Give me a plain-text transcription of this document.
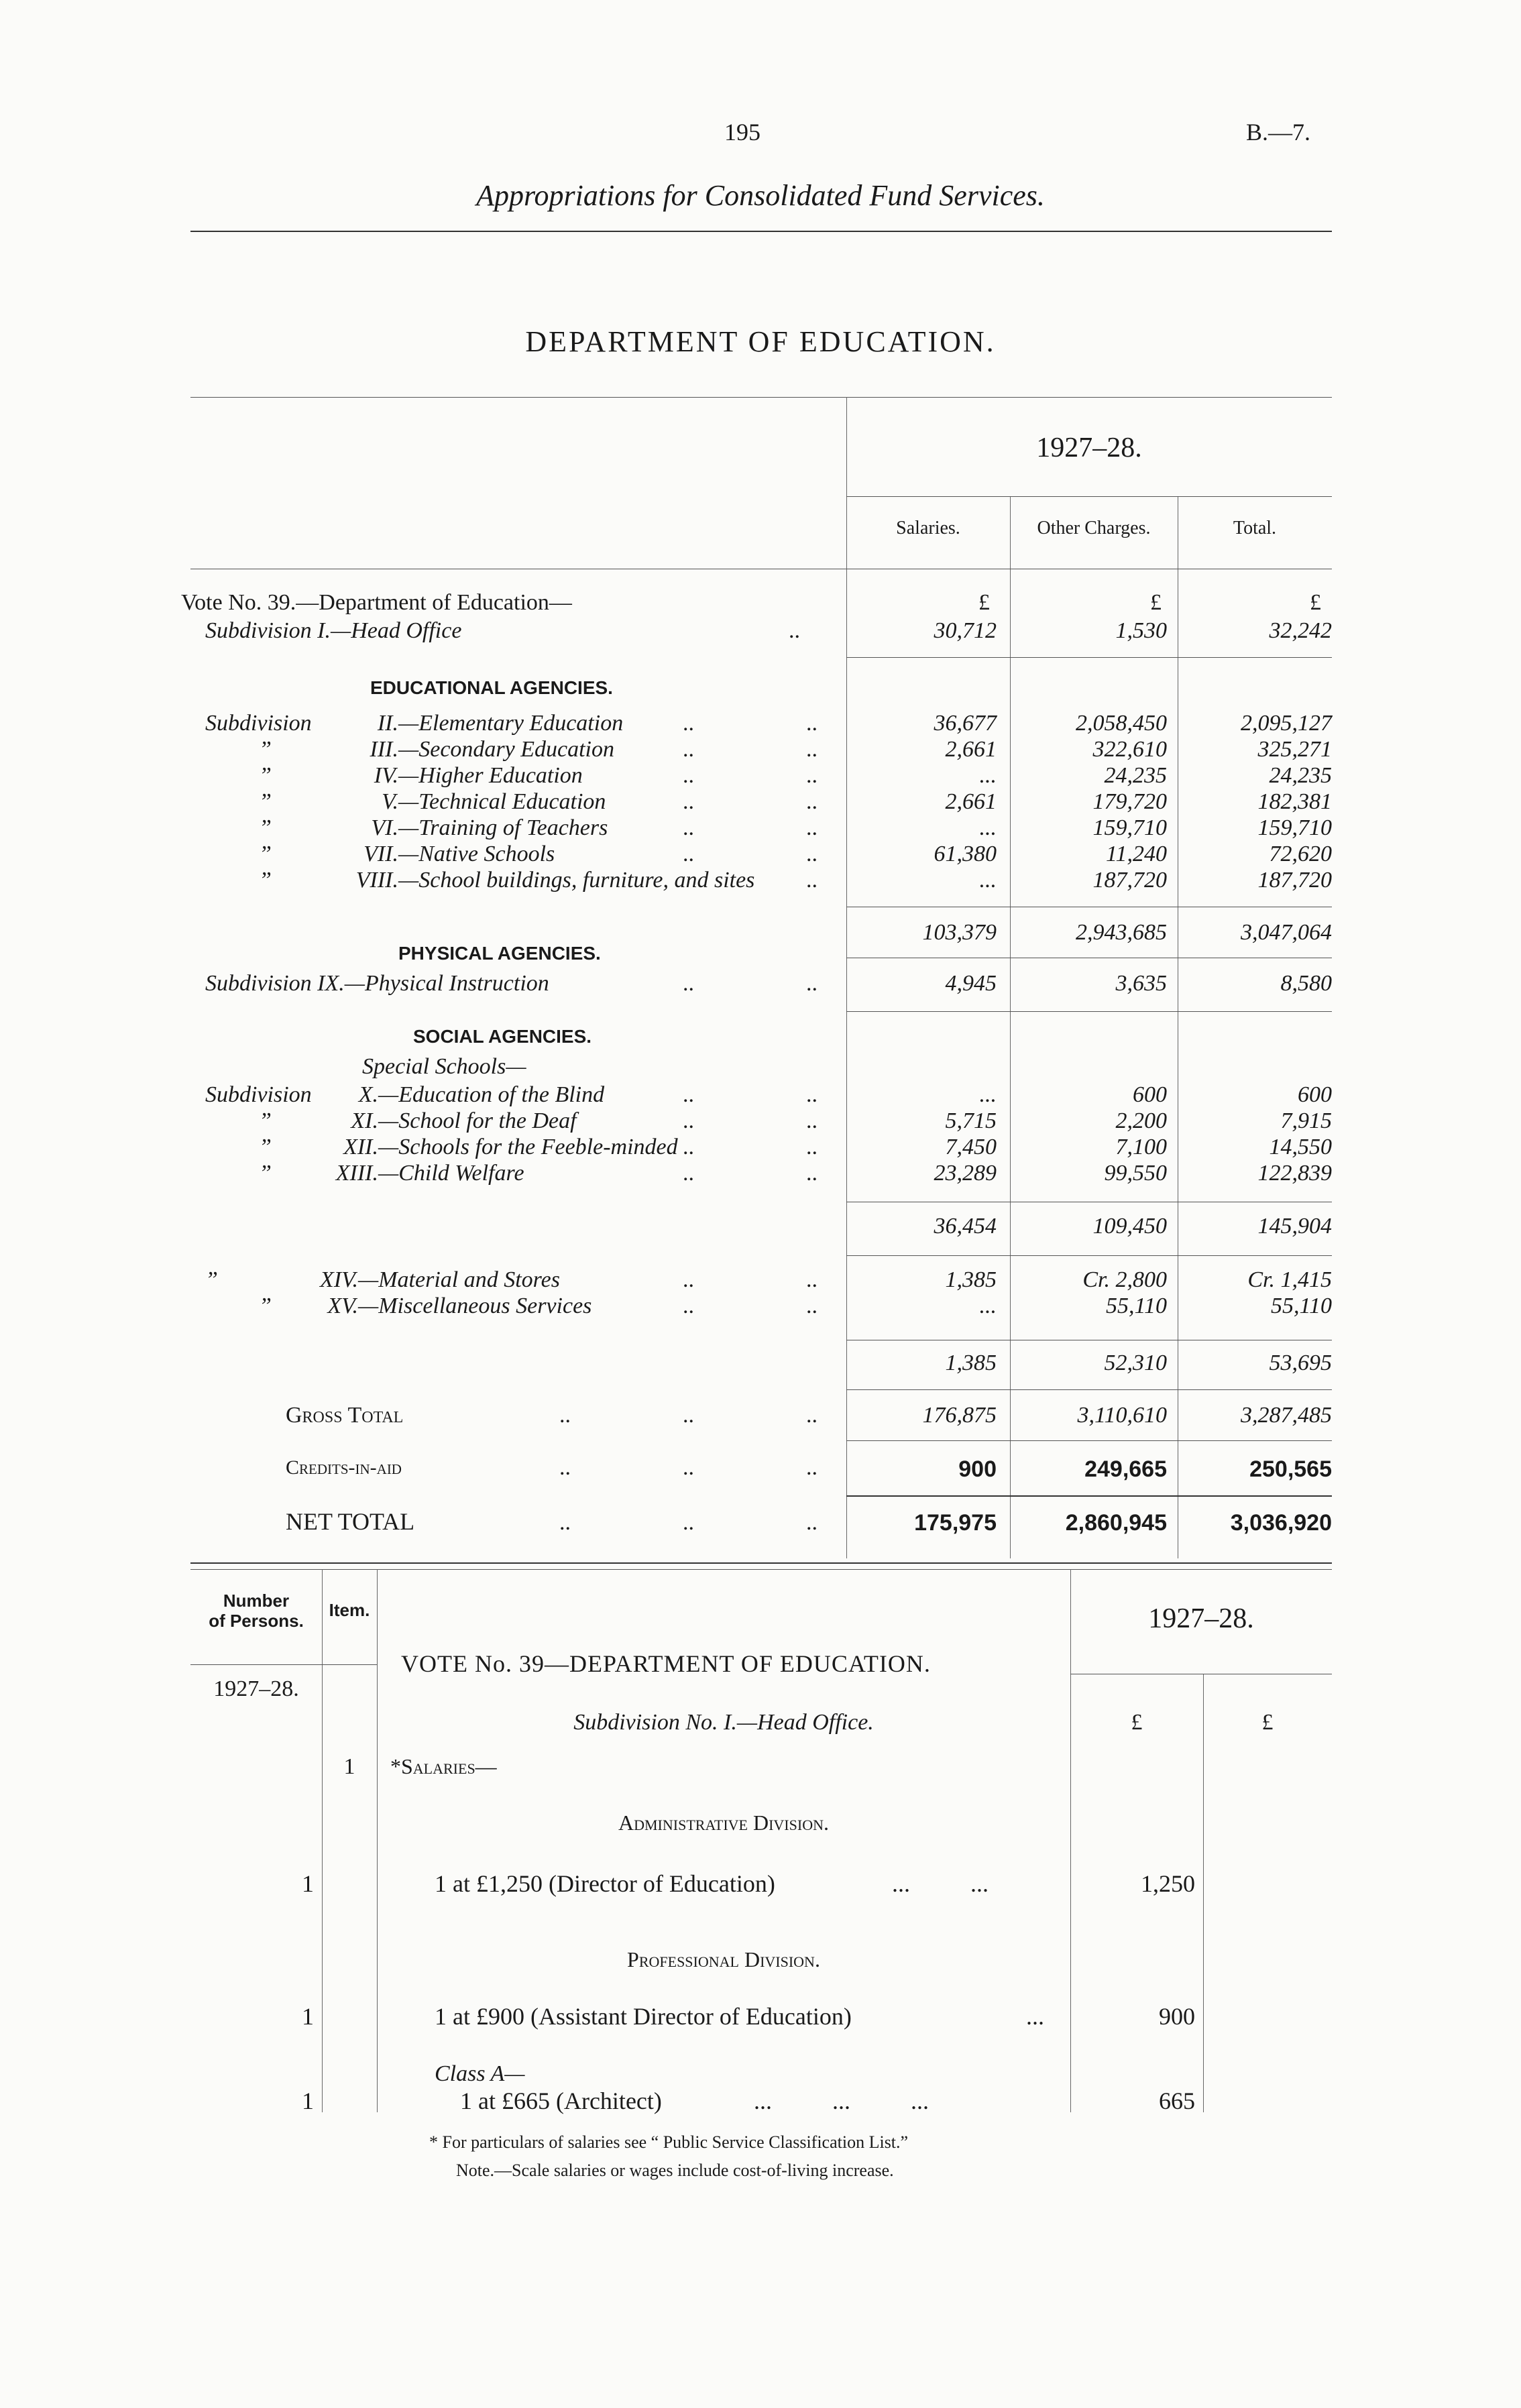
195	B.—7.
Appropriations for Consolidated Fund Services.
DEPARTMENT OF EDUCATION.
1927–28.
Salaries.	Other Charges.	Total.
Vote No. 39.—Department of Education—	£	£	£
Subdivision I.—Head Office	..	30,712	1,530	32,242
EDUCATIONAL AGENCIES.
Subdivision	II. —Elementary Education	..	..	36,677	2,058,450	2,095,127
”	III. —Secondary Education	..	..	2,661	322,610	325,271
”	IV. —Higher Education	..	..	...	24,235	24,235
”	V. —Technical Education	..	..	2,661	179,720	182,381
”	VI. —Training of Teachers	..	..	...	159,710	159,710
”	VII. —Native Schools	..	..	61,380	11,240	72,620
”	VIII. —School buildings, furniture, and sites ..	...	187,720	187,720
103,379	2,943,685	3,047,064
PHYSICAL AGENCIES.
Subdivision IX.—Physical Instruction	..	..	4,945	3,635	8,580
SOCIAL AGENCIES.
Special Schools—
Subdivision	X. —Education of the Blind	..	..	...	600	600
”	XI. —School for the Deaf	..	..	5,715	2,200	7,915
”	XII. —Schools for the Feeble-minded ..	..	7,450	7,100	14,550
”	XIII. —Child Welfare	..	..	23,289	99,550	122,839
36,454	109,450	145,904
”	XIV. —Material and Stores	..	..	1,385	Cr. 2,800	Cr. 1,415
”	XV. —Miscellaneous Services	..	..	...	55,110	55,110
1,385	52,310	53,695
Gross Total	..	..	..	176,875	3,110,610	3,287,485
Credits-in-aid	..	..	..	900	249,665	250,565
NET TOTAL	..	..	..	175,975	2,860,945	3,036,920
Number
of Persons.
Item.	1927–28.
VOTE No. 39—DEPARTMENT OF EDUCATION.
1927–28.
Subdivision No. I.—Head Office.	£	£
1	*Salaries—
Administrative Division.
1	1 at £1,250 (Director of Education)	...          ...	1,250
Professional Division.
1	1 at £900 (Assistant Director of Education)	...	900
Class A—
1	1 at £665 (Architect)	...          ...          ...	665
* For particulars of salaries see “ Public Service Classification List.”
Note.—Scale salaries or wages include cost-of-living increase.
